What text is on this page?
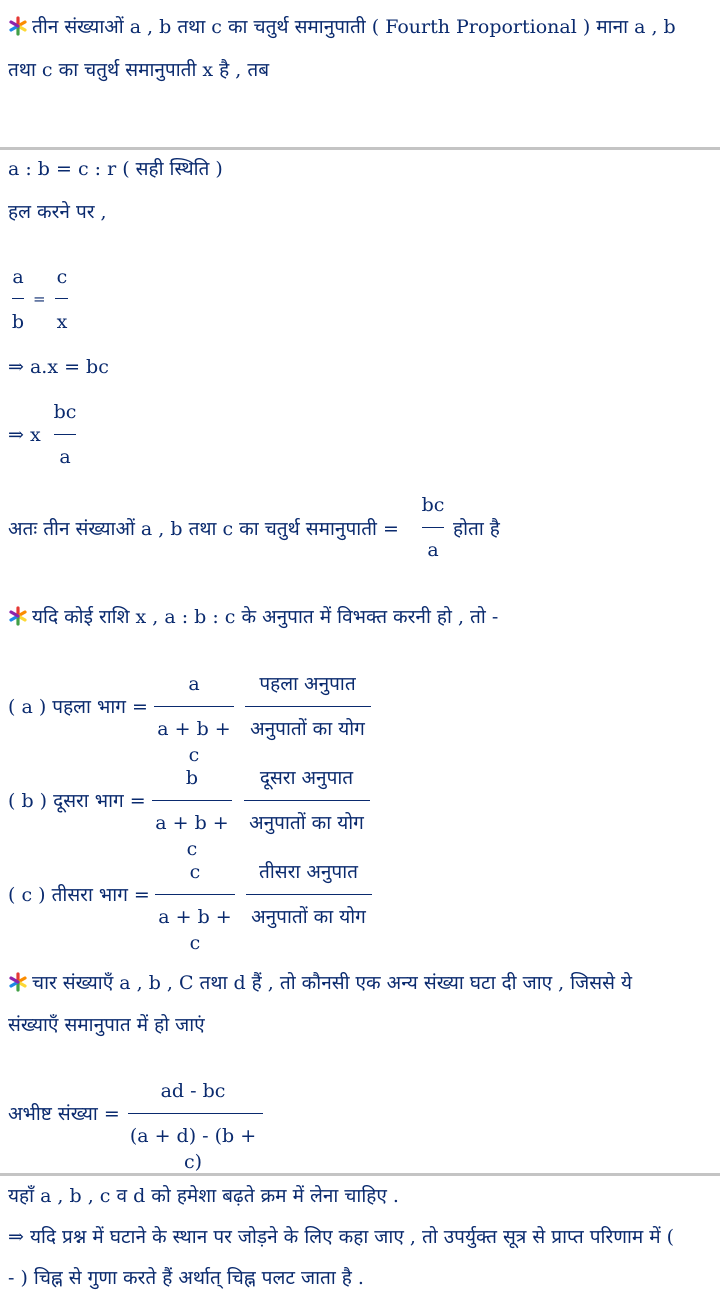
तीन संख्याओं a , b तथा c का चतुर्थ समानुपाती ( Fourth Proportional ) माना a , b
तथा c का चतुर्थ समानुपाती x है , तब
a : b = c : r ( सही स्थिति )
हल करने पर ,
a
b
=
c
x
⇒ a.x = bc
⇒ x
bc
a
अतः तीन संख्याओं a , b तथा c का चतुर्थ समानुपाती =
bc
a
होता है
यदि कोई राशि x , a : b : c के अनुपात में विभक्त करनी हो , तो -
( a ) पहला भाग =
a
a + b + c
पहला अनुपात
अनुपातों का योग
( b ) दूसरा भाग =
b
a + b + c
दूसरा अनुपात
अनुपातों का योग
( c ) तीसरा भाग =
c
a + b + c
तीसरा अनुपात
अनुपातों का योग
चार संख्याएँ a , b , C तथा d हैं , तो कौनसी एक अन्य संख्या घटा दी जाए , जिससे ये
संख्याएँ समानुपात में हो जाएं
अभीष्ट संख्या =
ad - bc
(a + d) - (b + c)
यहाँ a , b , c व d को हमेशा बढ़ते क्रम में लेना चाहिए .
⇒ यदि प्रश्न में घटाने के स्थान पर जोड़ने के लिए कहा जाए , तो उपर्युक्त सूत्र से प्राप्त परिणाम में (
- ) चिह्न से गुणा करते हैं अर्थात् चिह्न पलट जाता है .
